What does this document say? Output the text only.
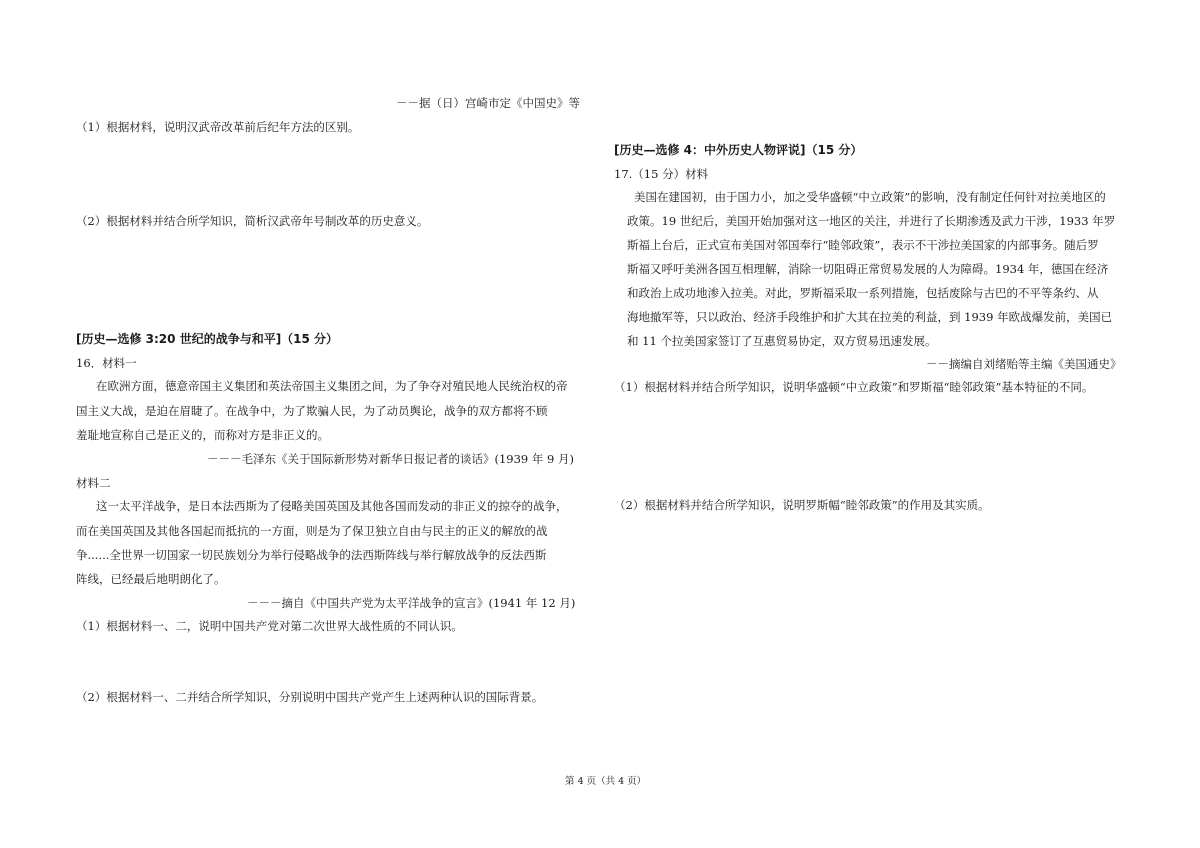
－－据（日）宫崎市定《中国史》等
（1）根据材料，说明汉武帝改革前后纪年方法的区别。
（2）根据材料并结合所学知识，简析汉武帝年号制改革的历史意义。
[历史—选修 3:20 世纪的战争与和平]（15 分）
16．材料一
在欧洲方面，德意帝国主义集团和英法帝国主义集团之间，为了争夺对殖民地人民统治权的帝
国主义大战，是迫在眉睫了。在战争中，为了欺骗人民，为了动员舆论，战争的双方都将不顾
羞耻地宣称自己是正义的，而称对方是非正义的。
－－－毛泽东《关于国际新形势对新华日报记者的谈话》(1939 年 9 月)
材料二
这一太平洋战争，是日本法西斯为了侵略美国英国及其他各国而发动的非正义的掠夺的战争，
而在美国英国及其他各国起而抵抗的一方面，则是为了保卫独立自由与民主的正义的解放的战
争......全世界一切国家一切民族划分为举行侵略战争的法西斯阵线与举行解放战争的反法西斯
阵线，已经最后地明朗化了。
－－－摘自《中国共产党为太平洋战争的宣言》(1941 年 12 月)
（1）根据材料一、二，说明中国共产党对第二次世界大战性质的不同认识。
（2）根据材料一、二并结合所学知识，分别说明中国共产党产生上述两种认识的国际背景。
[历史—选修 4：中外历史人物评说]（15 分）
17.（15 分）材料
美国在建国初，由于国力小，加之受华盛顿“中立政策”的影响，没有制定任何针对拉美地区的
政策。19 世纪后，美国开始加强对这一地区的关注，并进行了长期渗透及武力干涉，1933 年罗
斯福上台后，正式宣布美国对邻国奉行“睦邻政策”，表示不干涉拉美国家的内部事务。随后罗
斯福又呼吁美洲各国互相理解，消除一切阻碍正常贸易发展的人为障碍。1934 年，德国在经济
和政治上成功地渗入拉美。对此，罗斯福采取一系列措施，包括废除与古巴的不平等条约、从
海地撤军等，只以政治、经济手段维护和扩大其在拉美的利益，到 1939 年欧战爆发前，美国已
和 11 个拉美国家签订了互惠贸易协定，双方贸易迅速发展。
－－摘编自刘绪贻等主编《美国通史》
（1）根据材料并结合所学知识，说明华盛顿“中立政策”和罗斯福“睦邻政策”基本特征的不同。
（2）根据材料并结合所学知识，说明罗斯幅“睦邻政策”的作用及其实质。
第 4 页（共 4 页）
